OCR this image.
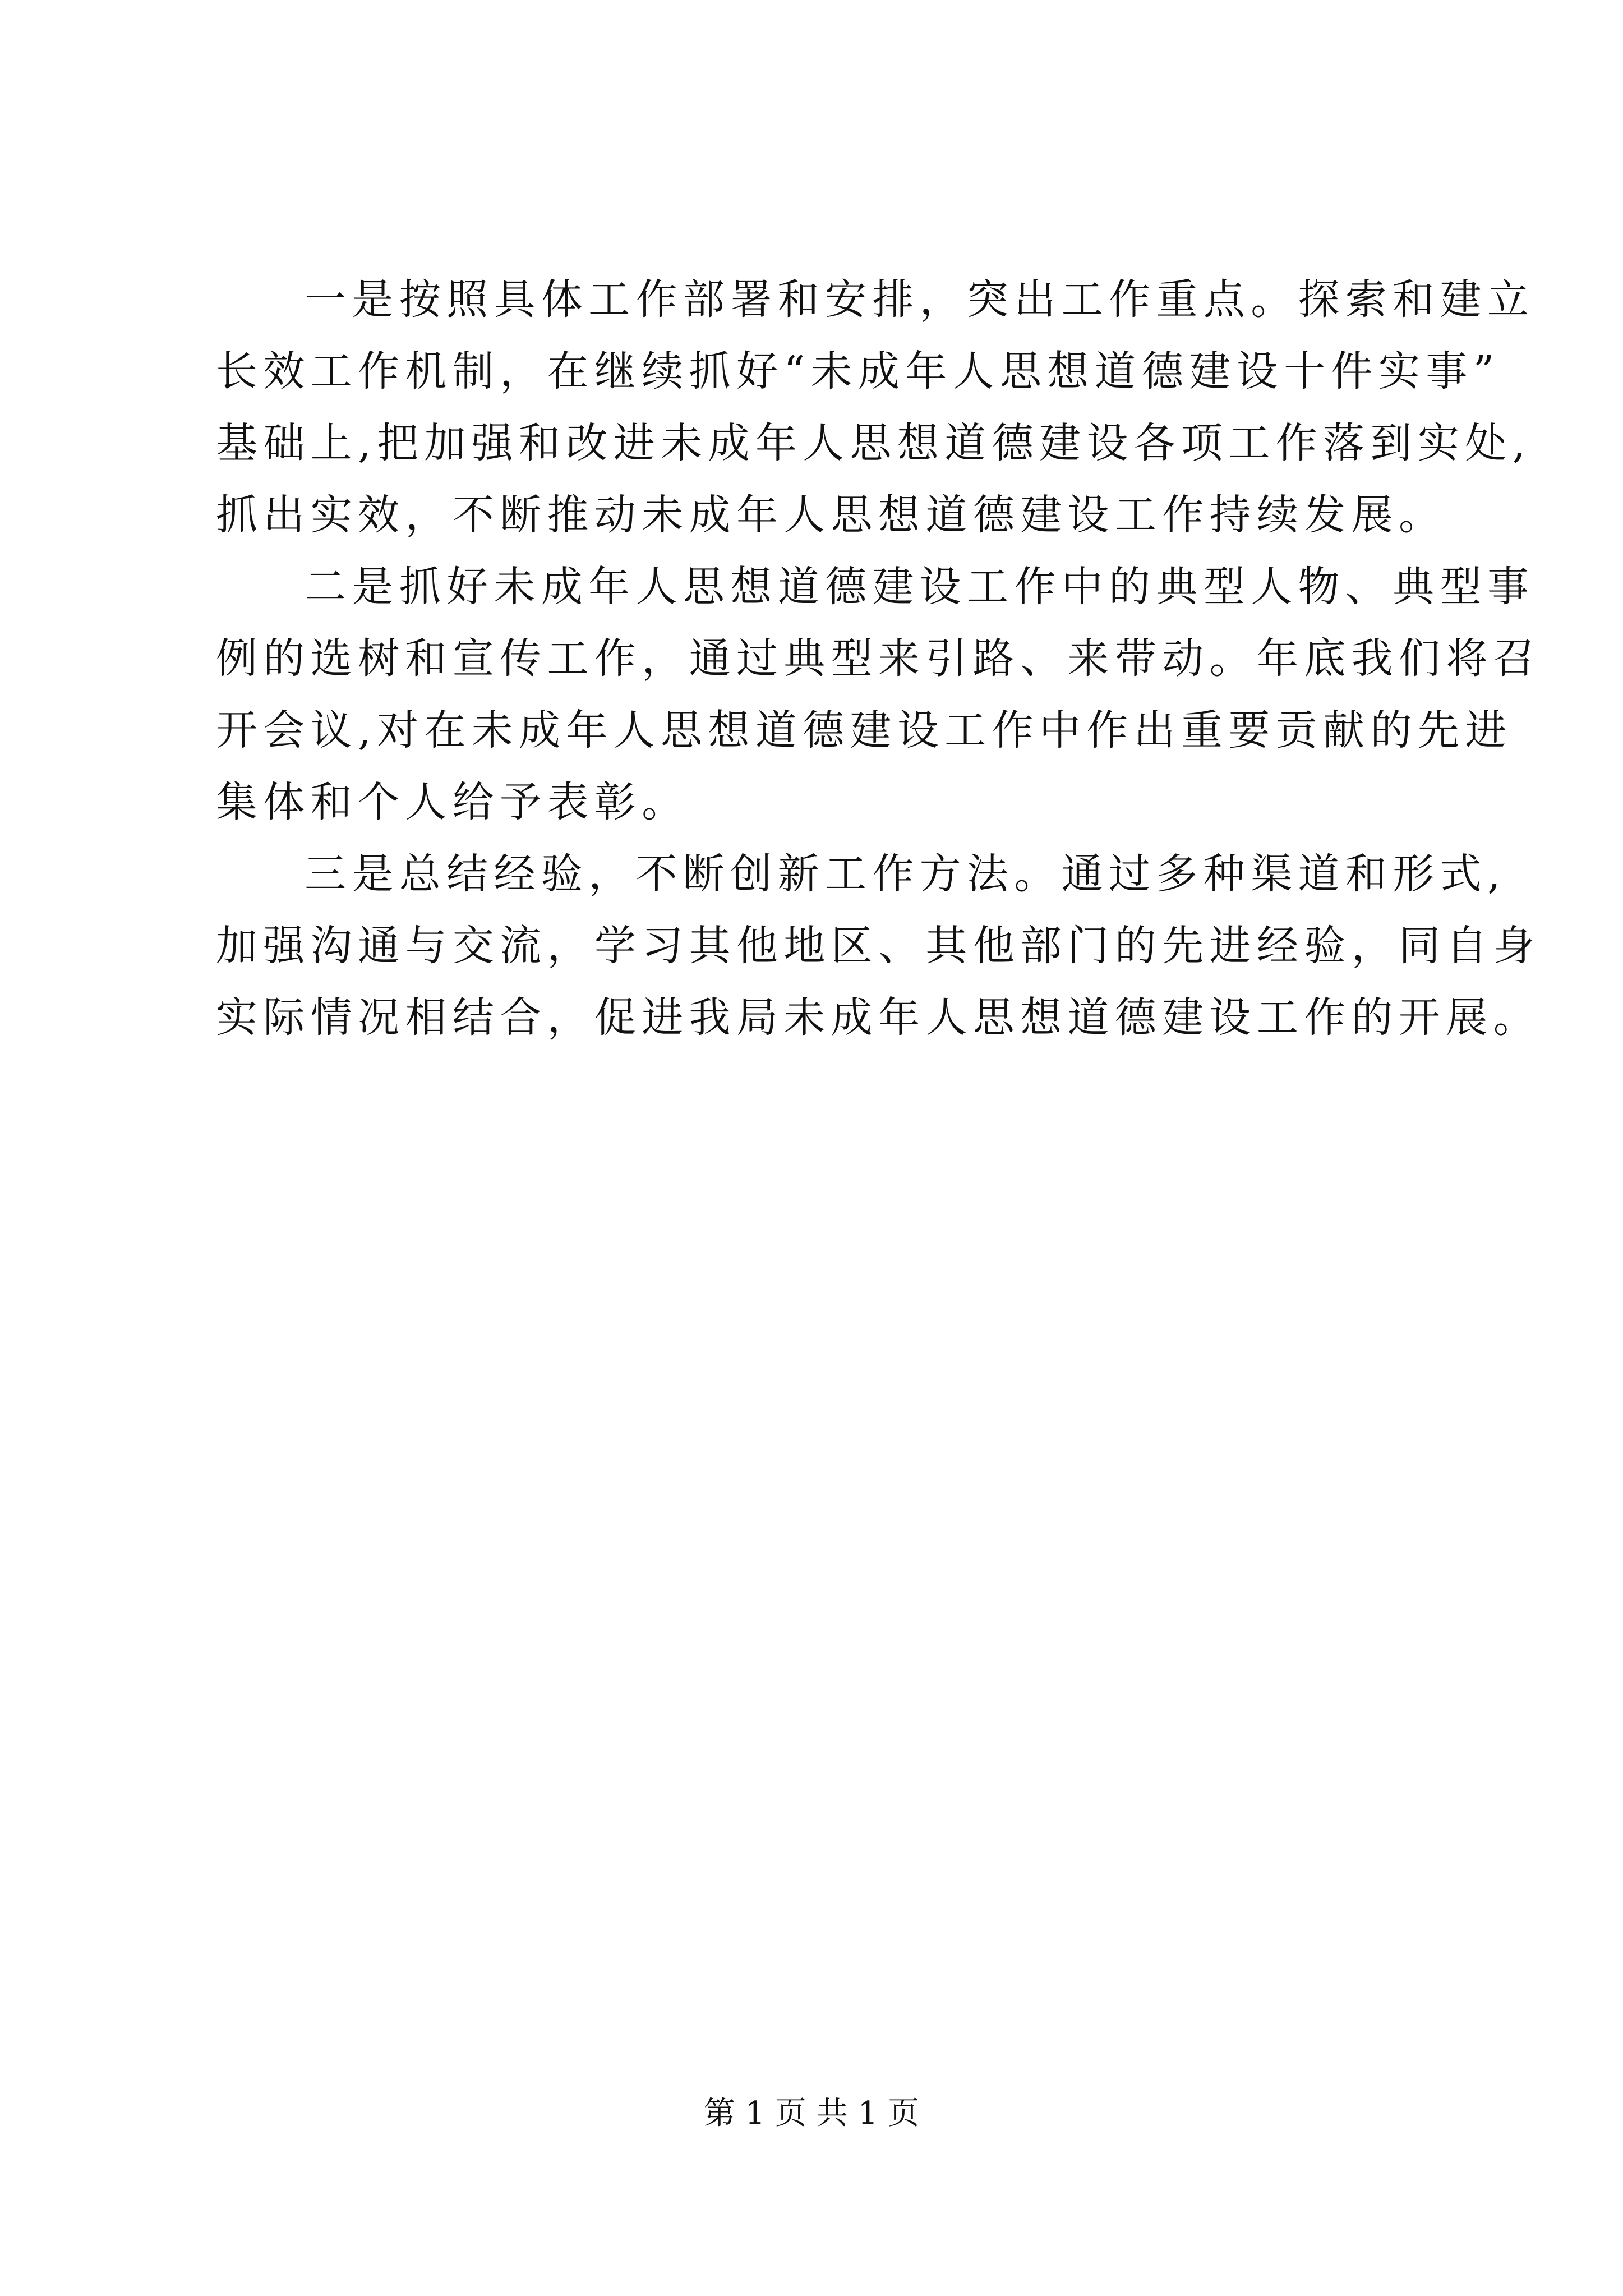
一是按照具体工作部署和安排，突出工作重点。探索和建立
长效工作机制，在继续抓好“未成年人思想道德建设十件实事”
基础上,把加强和改进未成年人思想道德建设各项工作落到实处,
抓出实效，不断推动未成年人思想道德建设工作持续发展。
二是抓好未成年人思想道德建设工作中的典型人物、典型事
例的选树和宣传工作，通过典型来引路、来带动。年底我们将召
开会议,对在未成年人思想道德建设工作中作出重要贡献的先进
集体和个人给予表彰。
三是总结经验，不断创新工作方法。通过多种渠道和形式,
加强沟通与交流，学习其他地区、其他部门的先进经验，同自身
实际情况相结合，促进我局未成年人思想道德建设工作的开展。
第 1 页 共 1 页
